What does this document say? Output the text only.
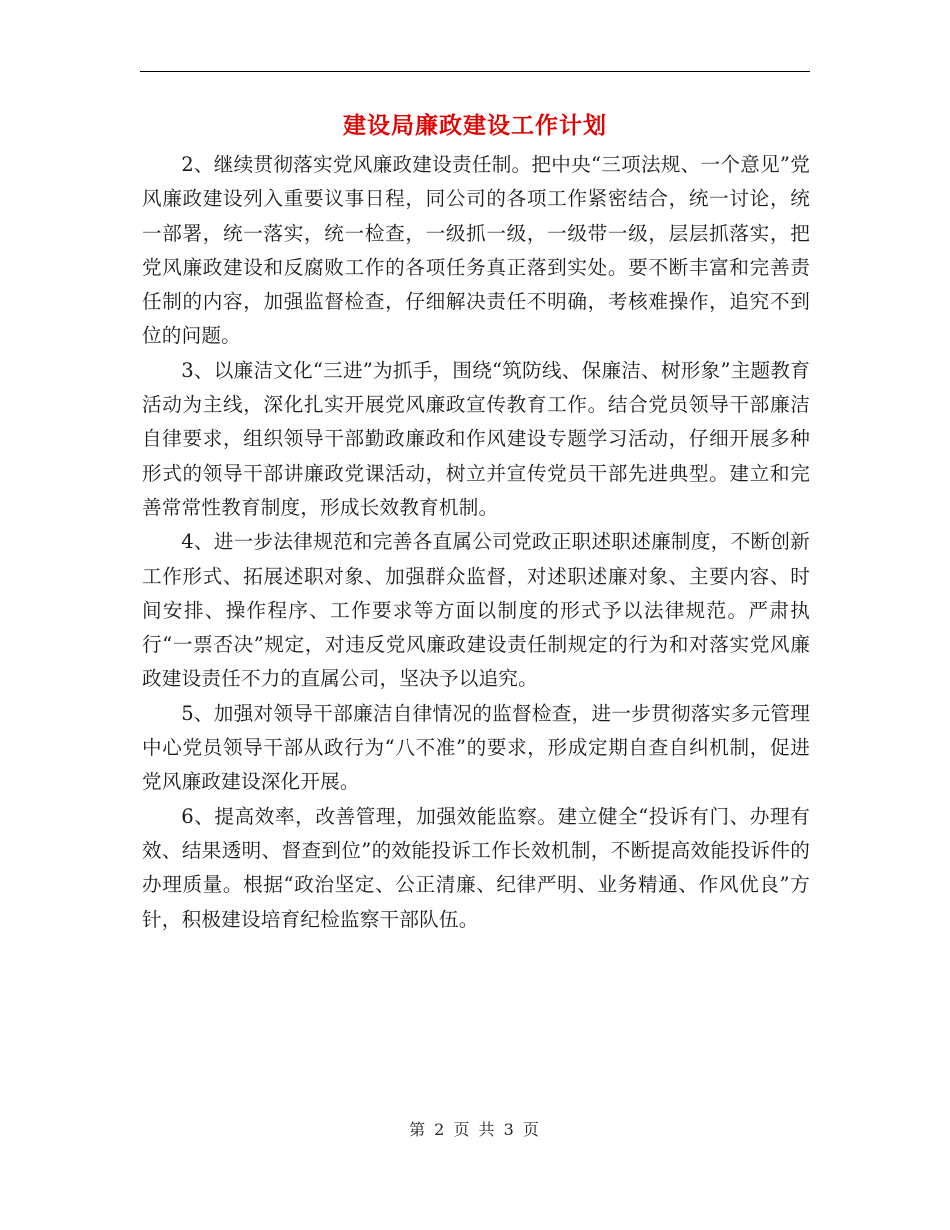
建设局廉政建设工作计划

2、继续贯彻落实党风廉政建设责任制。把中央“三项法规、一个意见”党风廉政建设列入重要议事日程，同公司的各项工作紧密结合，统一讨论，统一部署，统一落实，统一检查，一级抓一级，一级带一级，层层抓落实，把党风廉政建设和反腐败工作的各项任务真正落到实处。要不断丰富和完善责任制的内容，加强监督检查，仔细解决责任不明确，考核难操作，追究不到位的问题。

3、以廉洁文化“三进”为抓手，围绕“筑防线、保廉洁、树形象”主题教育活动为主线，深化扎实开展党风廉政宣传教育工作。结合党员领导干部廉洁自律要求，组织领导干部勤政廉政和作风建设专题学习活动，仔细开展多种形式的领导干部讲廉政党课活动，树立并宣传党员干部先进典型。建立和完善常常性教育制度，形成长效教育机制。

4、进一步法律规范和完善各直属公司党政正职述职述廉制度，不断创新工作形式、拓展述职对象、加强群众监督，对述职述廉对象、主要内容、时间安排、操作程序、工作要求等方面以制度的形式予以法律规范。严肃执行“一票否决”规定，对违反党风廉政建设责任制规定的行为和对落实党风廉政建设责任不力的直属公司，坚决予以追究。

5、加强对领导干部廉洁自律情况的监督检查，进一步贯彻落实多元管理中心党员领导干部从政行为“八不准”的要求，形成定期自查自纠机制，促进党风廉政建设深化开展。

6、提高效率，改善管理，加强效能监察。建立健全“投诉有门、办理有效、结果透明、督查到位”的效能投诉工作长效机制，不断提高效能投诉件的办理质量。根据“政治坚定、公正清廉、纪律严明、业务精通、作风优良”方针，积极建设培育纪检监察干部队伍。

第 2 页 共 3 页
